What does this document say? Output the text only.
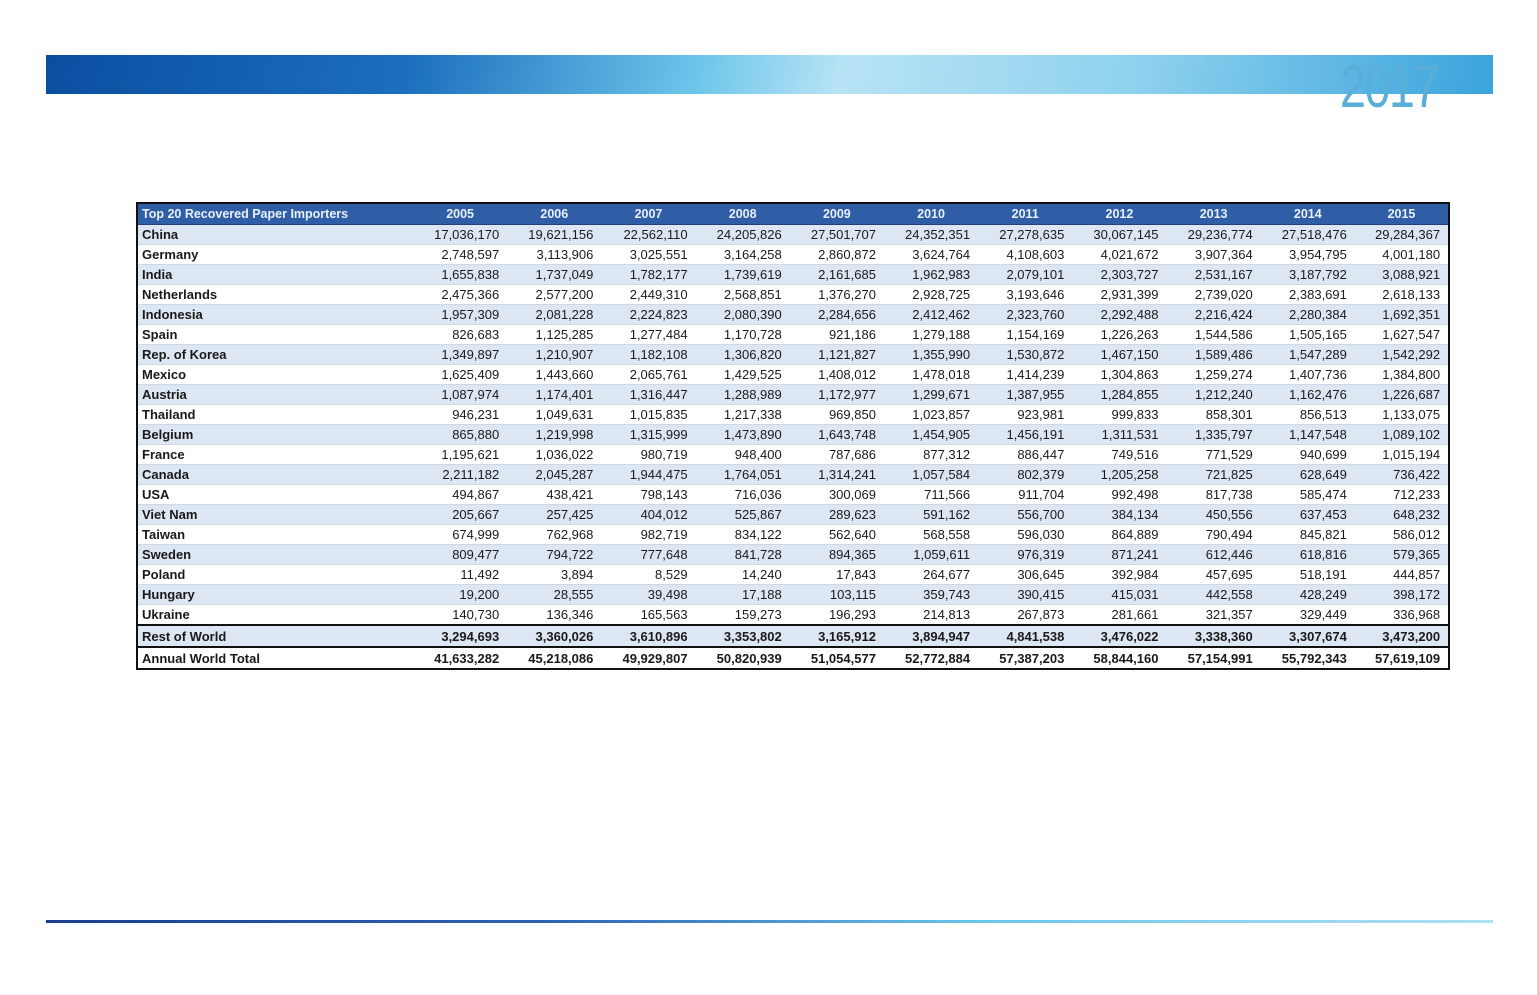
2017
Top 20 Recovered Paper Importers	2005	2006	2007	2008	2009	2010	2011	2012	2013	2014	2015
China	17,036,170	19,621,156	22,562,110	24,205,826	27,501,707	24,352,351	27,278,635	30,067,145	29,236,774	27,518,476	29,284,367
Germany	2,748,597	3,113,906	3,025,551	3,164,258	2,860,872	3,624,764	4,108,603	4,021,672	3,907,364	3,954,795	4,001,180
India	1,655,838	1,737,049	1,782,177	1,739,619	2,161,685	1,962,983	2,079,101	2,303,727	2,531,167	3,187,792	3,088,921
Netherlands	2,475,366	2,577,200	2,449,310	2,568,851	1,376,270	2,928,725	3,193,646	2,931,399	2,739,020	2,383,691	2,618,133
Indonesia	1,957,309	2,081,228	2,224,823	2,080,390	2,284,656	2,412,462	2,323,760	2,292,488	2,216,424	2,280,384	1,692,351
Spain	826,683	1,125,285	1,277,484	1,170,728	921,186	1,279,188	1,154,169	1,226,263	1,544,586	1,505,165	1,627,547
Rep. of Korea	1,349,897	1,210,907	1,182,108	1,306,820	1,121,827	1,355,990	1,530,872	1,467,150	1,589,486	1,547,289	1,542,292
Mexico	1,625,409	1,443,660	2,065,761	1,429,525	1,408,012	1,478,018	1,414,239	1,304,863	1,259,274	1,407,736	1,384,800
Austria	1,087,974	1,174,401	1,316,447	1,288,989	1,172,977	1,299,671	1,387,955	1,284,855	1,212,240	1,162,476	1,226,687
Thailand	946,231	1,049,631	1,015,835	1,217,338	969,850	1,023,857	923,981	999,833	858,301	856,513	1,133,075
Belgium	865,880	1,219,998	1,315,999	1,473,890	1,643,748	1,454,905	1,456,191	1,311,531	1,335,797	1,147,548	1,089,102
France	1,195,621	1,036,022	980,719	948,400	787,686	877,312	886,447	749,516	771,529	940,699	1,015,194
Canada	2,211,182	2,045,287	1,944,475	1,764,051	1,314,241	1,057,584	802,379	1,205,258	721,825	628,649	736,422
USA	494,867	438,421	798,143	716,036	300,069	711,566	911,704	992,498	817,738	585,474	712,233
Viet Nam	205,667	257,425	404,012	525,867	289,623	591,162	556,700	384,134	450,556	637,453	648,232
Taiwan	674,999	762,968	982,719	834,122	562,640	568,558	596,030	864,889	790,494	845,821	586,012
Sweden	809,477	794,722	777,648	841,728	894,365	1,059,611	976,319	871,241	612,446	618,816	579,365
Poland	11,492	3,894	8,529	14,240	17,843	264,677	306,645	392,984	457,695	518,191	444,857
Hungary	19,200	28,555	39,498	17,188	103,115	359,743	390,415	415,031	442,558	428,249	398,172
Ukraine	140,730	136,346	165,563	159,273	196,293	214,813	267,873	281,661	321,357	329,449	336,968
Rest of World	3,294,693	3,360,026	3,610,896	3,353,802	3,165,912	3,894,947	4,841,538	3,476,022	3,338,360	3,307,674	3,473,200
Annual World Total	41,633,282	45,218,086	49,929,807	50,820,939	51,054,577	52,772,884	57,387,203	58,844,160	57,154,991	55,792,343	57,619,109
